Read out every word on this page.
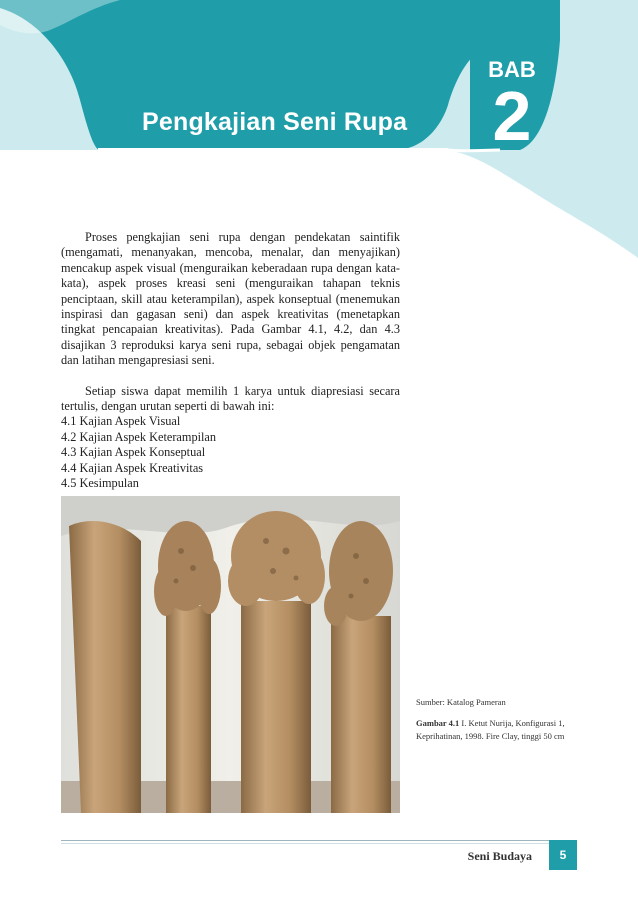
Pengkajian Seni Rupa
BAB
2

Proses pengkajian seni rupa dengan pendekatan saintifik (mengamati, menanyakan, mencoba, menalar, dan menyajikan) mencakup aspek visual (menguraikan keberadaan rupa dengan kata-kata), aspek proses kreasi seni (menguraikan tahapan teknis penciptaan, skill atau keterampilan), aspek konseptual (menemukan inspirasi dan gagasan seni) dan aspek kreativitas (menetapkan tingkat pencapaian kreativitas). Pada Gambar 4.1, 4.2, dan 4.3 disajikan 3 reproduksi karya seni rupa, sebagai objek pengamatan dan latihan mengapresiasi seni.

Setiap siswa dapat memilih 1 karya untuk diapresiasi secara tertulis, dengan urutan seperti di bawah ini:

4.1 Kajian Aspek Visual
4.2 Kajian Aspek Keterampilan
4.3 Kajian Aspek Konseptual
4.4 Kajian Aspek Kreativitas
4.5 Kesimpulan
Sumber: Katalog Pameran
Gambar 4.1 I. Ketut Nurija, Konfigurasi 1, Keprihatinan, 1998. Fire Clay, tinggi 50 cm
Seni Budaya	5
